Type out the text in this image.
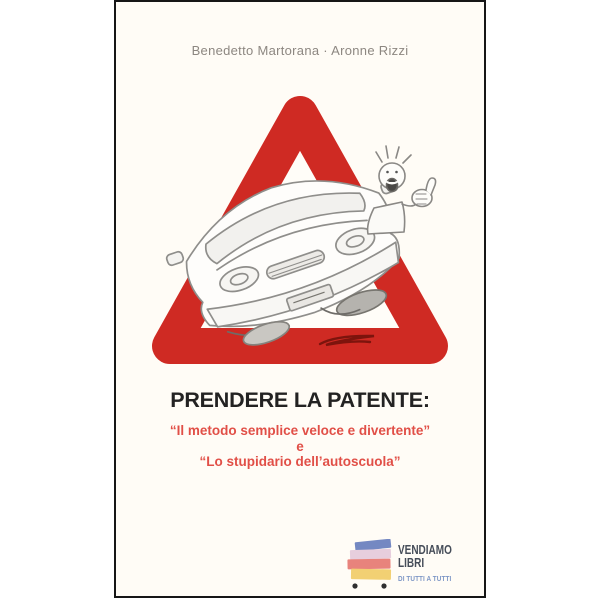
Benedetto Martorana · Aronne Rizzi
PRENDERE LA PATENTE:
“Il metodo semplice veloce e divertente”
e
“Lo stupidario dell’autoscuola”
VENDIAMO
LIBRI
DI TUTTI A TUTTI
